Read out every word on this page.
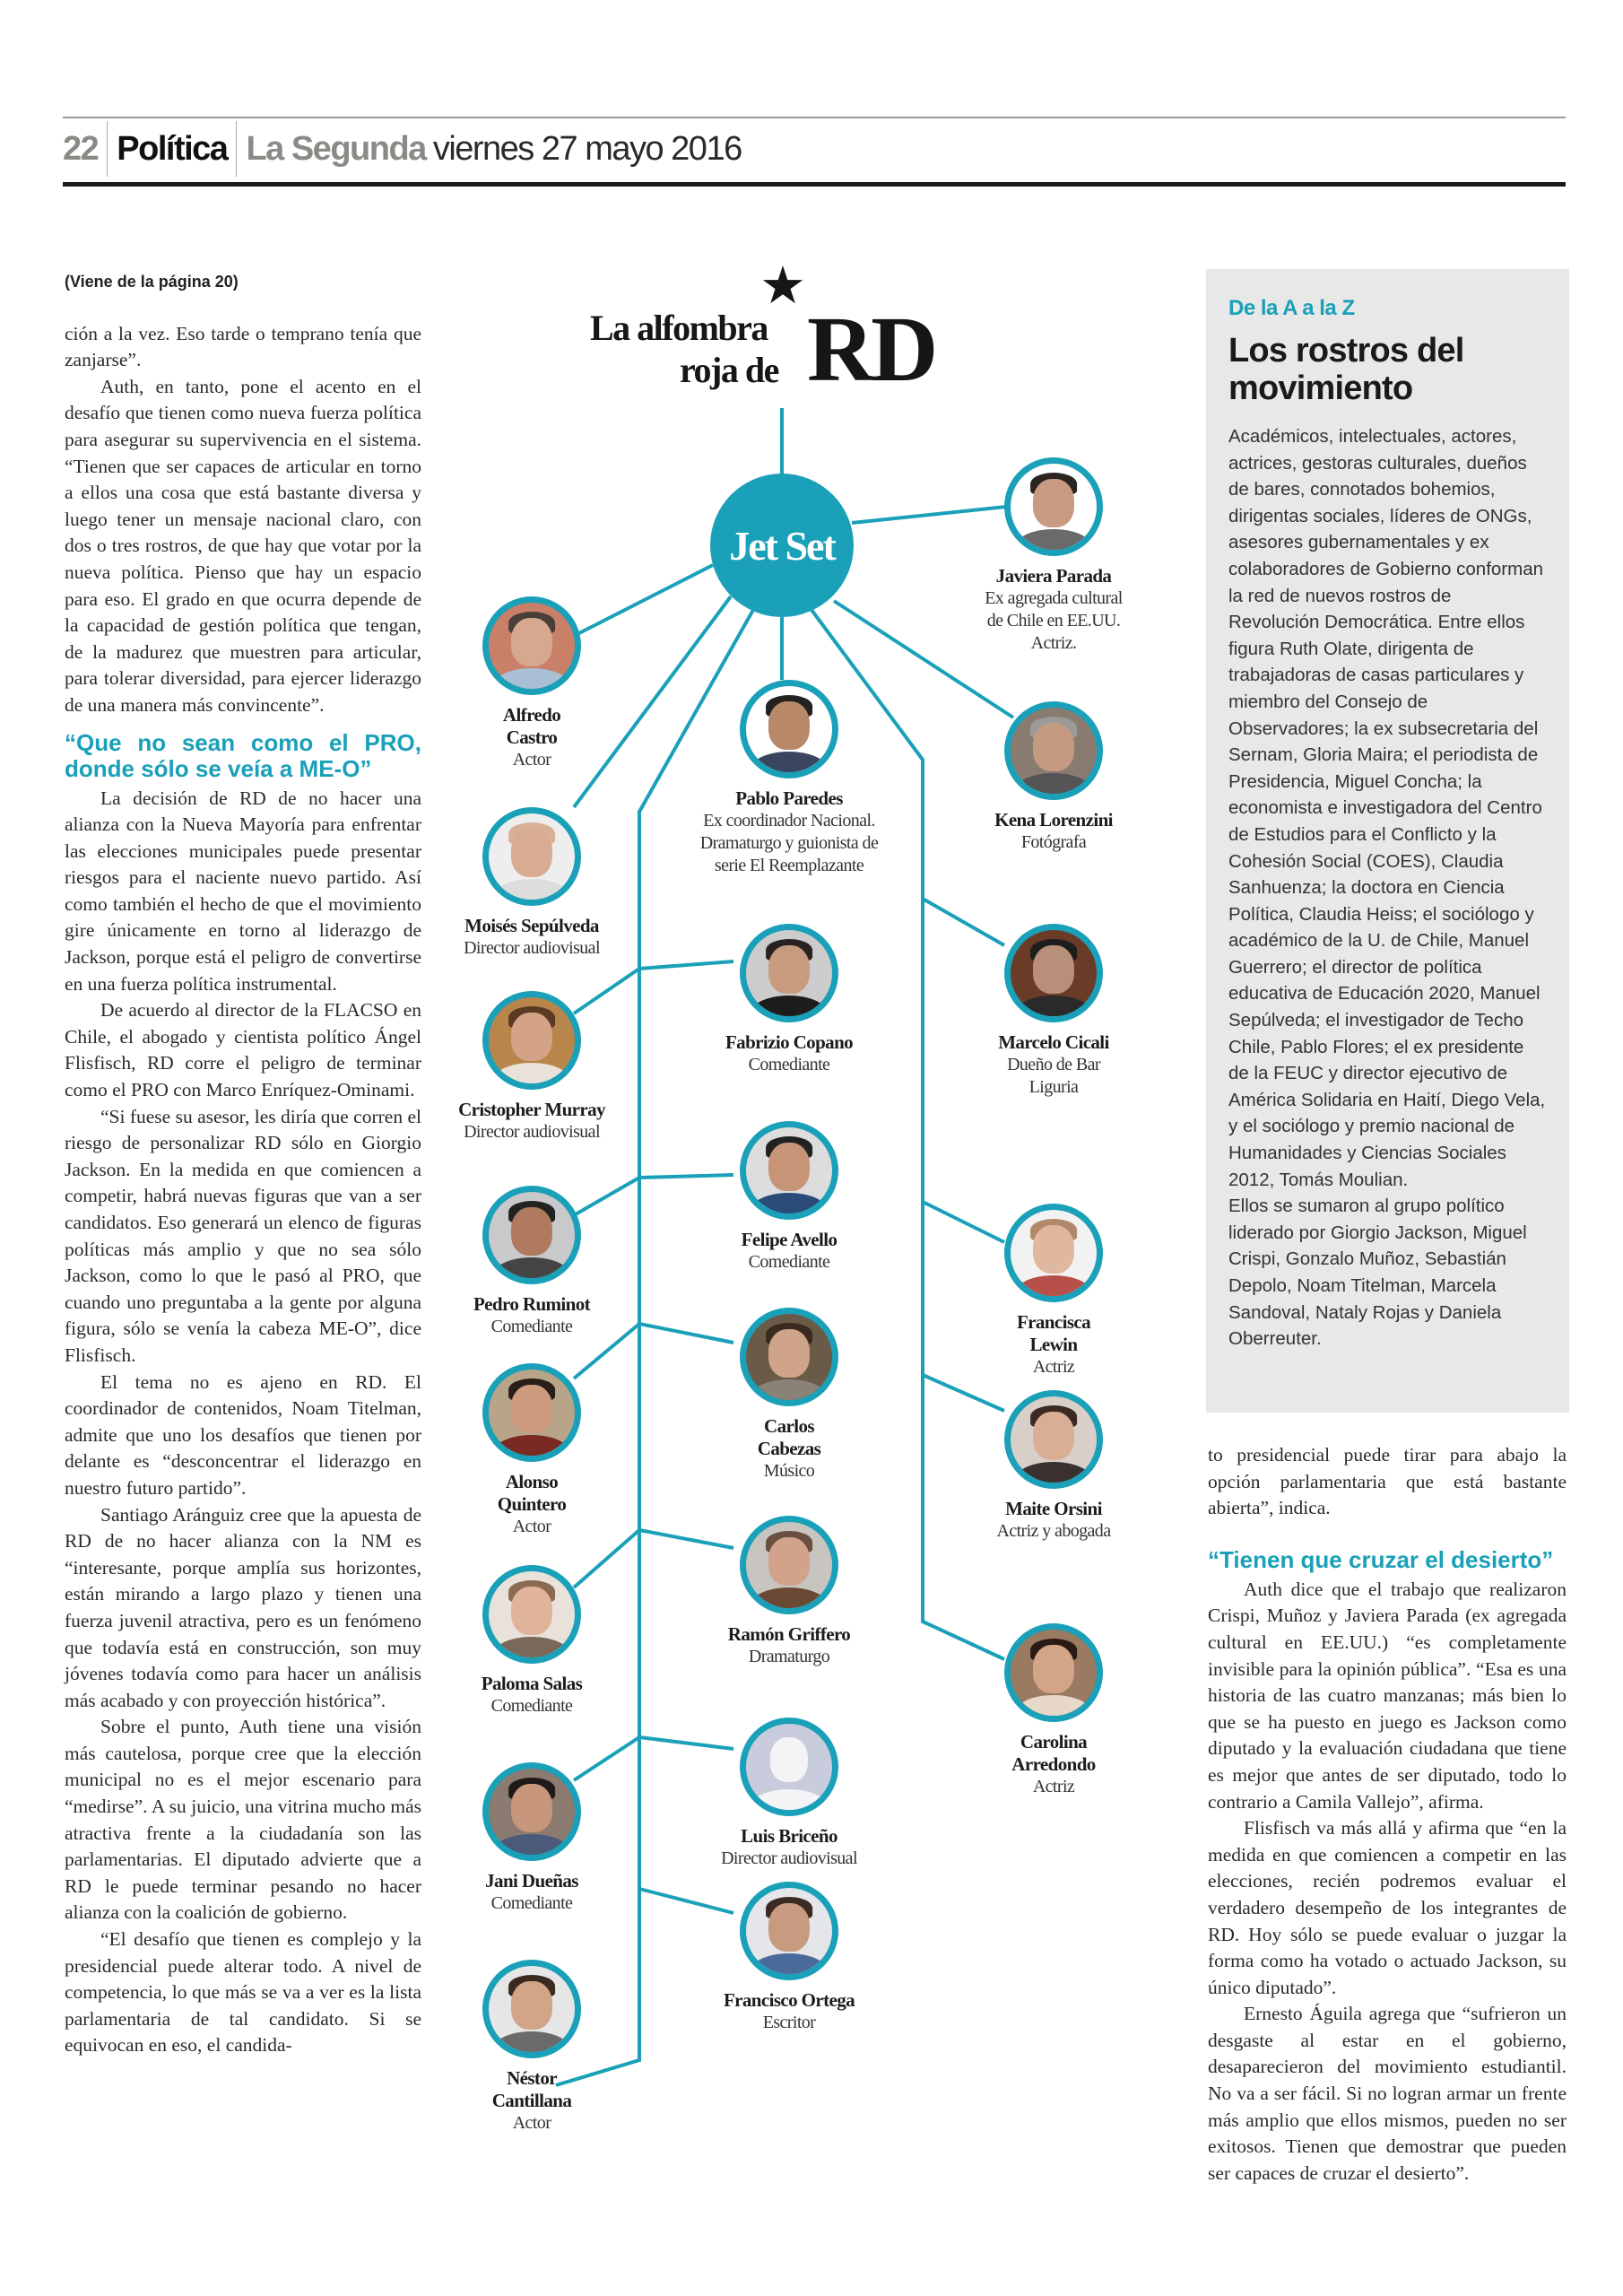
22 Política La Segunda viernes 27 mayo 2016
(Viene de la página 20)

ción a la vez. Eso tarde o temprano tenía que zanjarse”.

Auth, en tanto, pone el acento en el desafío que tienen como nueva fuerza política para asegurar su supervivencia en el sistema. “Tienen que ser capaces de articular en torno a ellos una cosa que está bastante diversa y luego tener un mensaje nacional claro, con dos o tres rostros, de que hay que votar por la nueva política. Pienso que hay un espacio para eso. El grado en que ocurra depende de la capacidad de gestión política que tengan, de la madurez que muestren para articular, para tolerar diversidad, para ejercer liderazgo de una manera más convincente”.

“Que no sean como el PRO, donde sólo se veía a ME-O”

La decisión de RD de no hacer una alianza con la Nueva Mayoría para enfrentar las elecciones municipales puede presentar riesgos para el naciente nuevo partido. Así como también el hecho de que el movimiento gire únicamente en torno al liderazgo de Jackson, porque está el peligro de convertirse en una fuerza política instrumental.

De acuerdo al director de la FLACSO en Chile, el abogado y cientista político Ángel Flisfisch, RD corre el peligro de terminar como el PRO con Marco Enríquez-Ominami.

“Si fuese su asesor, les diría que corren el riesgo de personalizar RD sólo en Giorgio Jackson. En la medida en que comiencen a competir, habrá nuevas figuras que van a ser candidatos. Eso generará un elenco de figuras políticas más amplio y que no sea sólo Jackson, como lo que le pasó al PRO, que cuando uno preguntaba a la gente por alguna figura, sólo se venía la cabeza ME-O”, dice Flisfisch.

El tema no es ajeno en RD. El coordinador de contenidos, Noam Titelman, admite que uno los desafíos que tienen por delante es “desconcentrar el liderazgo en nuestro futuro partido”.

Santiago Aránguiz cree que la apuesta de RD de no hacer alianza con la NM es “interesante, porque amplía sus horizontes, están mirando a largo plazo y tienen una fuerza juvenil atractiva, pero es un fenómeno que todavía está en construcción, son muy jóvenes todavía como para hacer un análisis más acabado y con proyección histórica”.

Sobre el punto, Auth tiene una visión más cautelosa, porque cree que la elección municipal no es el mejor escenario para “medirse”. A su juicio, una vitrina mucho más atractiva frente a la ciudadanía son las parlamentarias. El diputado advierte que a RD le puede terminar pesando no hacer alianza con la coalición de gobierno.

“El desafío que tienen es complejo y la presidencial puede alterar todo. A nivel de competencia, lo que más se va a ver es la lista parlamentaria de tal candidato. Si se equivocan en eso, el candida-

★
La alfombra
roja de RD
Jet Set
Javiera Parada
Ex agregada cultural de Chile en EE.UU. Actriz.
Alfredo Castro
Actor
Pablo Paredes
Ex coordinador Nacional. Dramaturgo y guionista de serie El Reemplazante
Kena Lorenzini
Fotógrafa
Moisés Sepúlveda
Director audiovisual
Fabrizio Copano
Comediante
Marcelo Cicali
Dueño de Bar Liguria
Cristopher Murray
Director audiovisual
Felipe Avello
Comediante
Pedro Ruminot
Comediante	Francisca Lewin
Actriz
Carlos Cabezas
Músico
Alonso Quintero
Actor
Maite Orsini
Actriz y abogada
Ramón Griffero
Dramaturgo
Paloma Salas
Comediante
Carolina Arredondo
Actriz
Luis Briceño
Director audiovisual
Jani Dueñas
Comediante
Francisco Ortega
Escritor
Néstor Cantillana
Actor
De la A a la Z
Los rostros del movimiento

Académicos, intelectuales, actores, actrices, gestoras culturales, dueños de bares, connotados bohemios, dirigentas sociales, líderes de ONGs, asesores gubernamentales y ex colaboradores de Gobierno conforman la red de nuevos rostros de Revolución Democrática. Entre ellos figura Ruth Olate, dirigenta de trabajadoras de casas particulares y miembro del Consejo de Observadores; la ex subsecretaria del Sernam, Gloria Maira; el periodista de Presidencia, Miguel Concha; la economista e investigadora del Centro de Estudios para el Conflicto y la Cohesión Social (COES), Claudia Sanhuenza; la doctora en Ciencia Política, Claudia Heiss; el sociólogo y académico de la U. de Chile, Manuel Guerrero; el director de política educativa de Educación 2020, Manuel Sepúlveda; el investigador de Techo Chile, Pablo Flores; el ex presidente de la FEUC y director ejecutivo de América Solidaria en Haití, Diego Vela, y el sociólogo y premio nacional de Humanidades y Ciencias Sociales 2012, Tomás Moulian.

Ellos se sumaron al grupo político liderado por Giorgio Jackson, Miguel Crispi, Gonzalo Muñoz, Sebastián Depolo, Noam Titelman, Marcela Sandoval, Nataly Rojas y Daniela Oberreuter.

to presidencial puede tirar para abajo la opción parlamentaria que está bastante abierta”, indica.

“Tienen que cruzar el desierto”

Auth dice que el trabajo que realizaron Crispi, Muñoz y Javiera Parada (ex agregada cultural en EE.UU.) “es completamente invisible para la opinión pública”. “Esa es una historia de las cuatro manzanas; más bien lo que se ha puesto en juego es Jackson como diputado y la evaluación ciudadana que tiene es mejor que antes de ser diputado, todo lo contrario a Camila Vallejo”, afirma.

Flisfisch va más allá y afirma que “en la medida en que comiencen a competir en las elecciones, recién podremos evaluar el verdadero desempeño de los integrantes de RD. Hoy sólo se puede evaluar o juzgar la forma como ha votado o actuado Jackson, su único diputado”.

Ernesto Águila agrega que “sufrieron un desgaste al estar en el gobierno, desaparecieron del movimiento estudiantil. No va a ser fácil. Si no logran armar un frente más amplio que ellos mismos, pueden no ser exitosos. Tienen que demostrar que pueden ser capaces de cruzar el desierto”.
